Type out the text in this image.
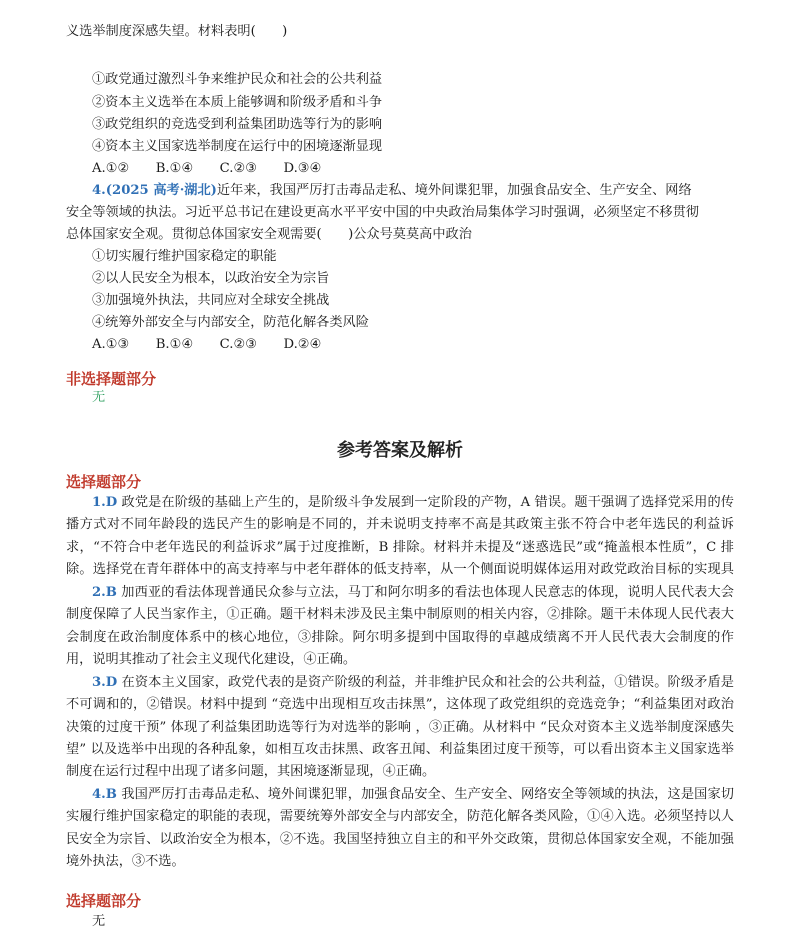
义选举制度深感失望。材料表明(　　)
①政党通过激烈斗争来维护民众和社会的公共利益
②资本主义选举在本质上能够调和阶级矛盾和斗争
③政党组织的竞选受到利益集团助选等行为的影响
④资本主义国家选举制度在运行中的困境逐渐显现
A.①②　　B.①④　　C.②③　　D.③④
4.(2025 高考·湖北)近年来，我国严厉打击毒品走私、境外间谍犯罪，加强食品安全、生产安全、网络
安全等领域的执法。习近平总书记在建设更高水平平安中国的中央政治局集体学习时强调，必须坚定不移贯彻
总体国家安全观。贯彻总体国家安全观需要(　　)公众号莫莫高中政治
①切实履行维护国家稳定的职能
②以人民安全为根本，以政治安全为宗旨
③加强境外执法，共同应对全球安全挑战
④统筹外部安全与内部安全，防范化解各类风险
A.①③　　B.①④　　C.②③　　D.②④
非选择题部分
无
参考答案及解析
选择题部分
1.D 政党是在阶级的基础上产生的，是阶级斗争发展到一定阶段的产物，A 错误。题干强调了选择党采用的传播方式对不同年龄段的选民产生的影响是不同的，并未说明支持率不高是其政策主张不符合中老年选民的利益诉求，“不符合中老年选民的利益诉求”属于过度推断，B 排除。材料并未提及“迷惑选民”或“掩盖根本性质”，C 排除。选择党在青年群体中的高支持率与中老年群体的低支持率，从一个侧面说明媒体运用对政党政治目标的实现具
2.B 加西亚的看法体现普通民众参与立法，马丁和阿尔明多的看法也体现人民意志的体现，说明人民代表大会制度保障了人民当家作主，①正确。题干材料未涉及民主集中制原则的相关内容，②排除。题干未体现人民代表大会制度在政治制度体系中的核心地位，③排除。阿尔明多提到中国取得的卓越成绩离不开人民代表大会制度的作用，说明其推动了社会主义现代化建设，④正确。
3.D 在资本主义国家，政党代表的是资产阶级的利益，并非维护民众和社会的公共利益，①错误。阶级矛盾是不可调和的，②错误。材料中提到 “竞选中出现相互攻击抹黑”，这体现了政党组织的竞选竞争；“利益集团对政治决策的过度干预” 体现了利益集团助选等行为对选举的影响 ，③正确。从材料中 “民众对资本主义选举制度深感失望” 以及选举中出现的各种乱象，如相互攻击抹黑、政客丑闻、利益集团过度干预等，可以看出资本主义国家选举制度在运行过程中出现了诸多问题，其困境逐渐显现，④正确。
4.B 我国严厉打击毒品走私、境外间谍犯罪，加强食品安全、生产安全、网络安全等领域的执法，这是国家切实履行维护国家稳定的职能的表现，需要统筹外部安全与内部安全，防范化解各类风险，①④入选。必须坚持以人民安全为宗旨、以政治安全为根本，②不选。我国坚持独立自主的和平外交政策，贯彻总体国家安全观，不能加强境外执法，③不选。
选择题部分
无
